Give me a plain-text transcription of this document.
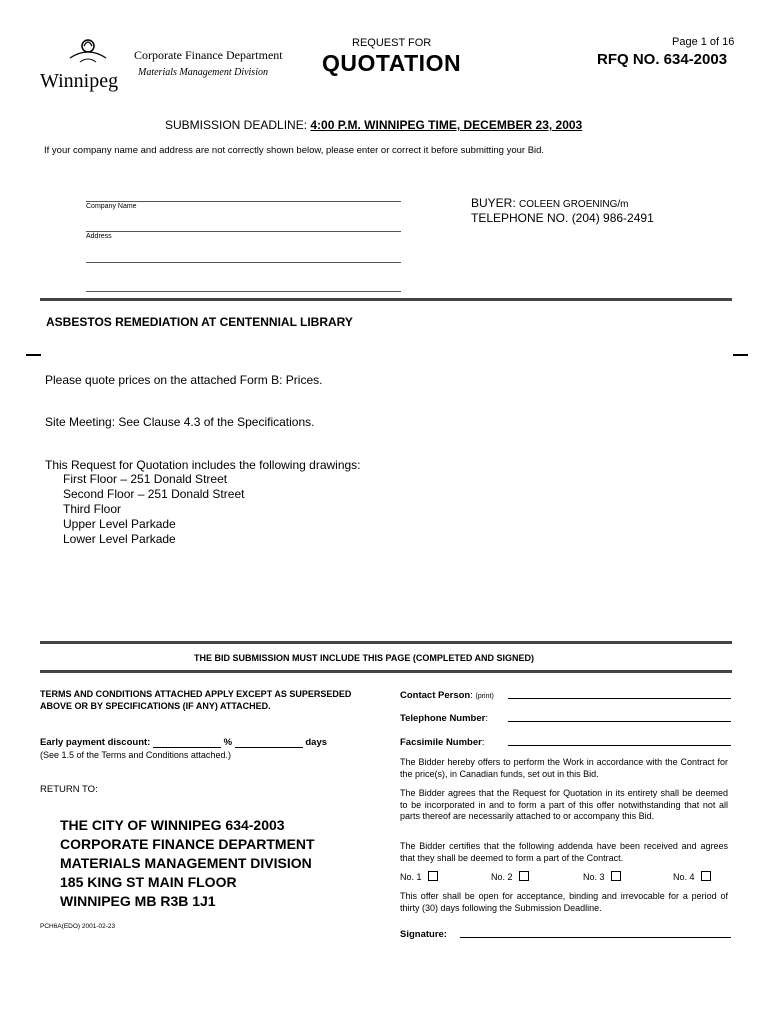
Winnipeg
Corporate Finance Department
Materials Management Division
REQUEST FOR
QUOTATION
Page 1 of 16
RFQ NO. 634-2003
SUBMISSION DEADLINE: 4:00 P.M. WINNIPEG TIME, DECEMBER 23, 2003
If your company name and address are not correctly shown below, please enter or correct it before submitting your Bid.
Company Name
Address
BUYER: COLEEN GROENING/m
TELEPHONE NO. (204) 986-2491
ASBESTOS REMEDIATION AT CENTENNIAL LIBRARY
Please quote prices on the attached Form B: Prices.
Site Meeting: See Clause 4.3 of the Specifications.
This Request for Quotation includes the following drawings:
First Floor – 251 Donald Street
Second Floor – 251 Donald Street
Third Floor
Upper Level Parkade
Lower Level Parkade
THE BID SUBMISSION MUST INCLUDE THIS PAGE (COMPLETED AND SIGNED)
TERMS AND CONDITIONS ATTACHED APPLY EXCEPT AS SUPERSEDED ABOVE OR BY SPECIFICATIONS (IF ANY) ATTACHED.
Early payment discount:	%	days
(See 1.5 of the Terms and Conditions attached.)
RETURN TO:
THE CITY OF WINNIPEG 634-2003
CORPORATE FINANCE DEPARTMENT
MATERIALS MANAGEMENT DIVISION
185 KING ST MAIN FLOOR
WINNIPEG MB R3B 1J1
PCH6A(EDO) 2001-02-23
Contact Person: (print)
Telephone Number:
Facsimile Number:
The Bidder hereby offers to perform the Work in accordance with the Contract for the price(s), in Canadian funds, set out in this Bid.
The Bidder agrees that the Request for Quotation in its entirety shall be deemed to be incorporated in and to form a part of this offer notwithstanding that not all parts thereof are necessarily attached to or accompany this Bid.
The Bidder certifies that the following addenda have been received and agrees that they shall be deemed to form a part of the Contract.
No. 1	No. 2	No. 3	No. 4
This offer shall be open for acceptance, binding and irrevocable for a period of thirty (30) days following the Submission Deadline.
Signature:
